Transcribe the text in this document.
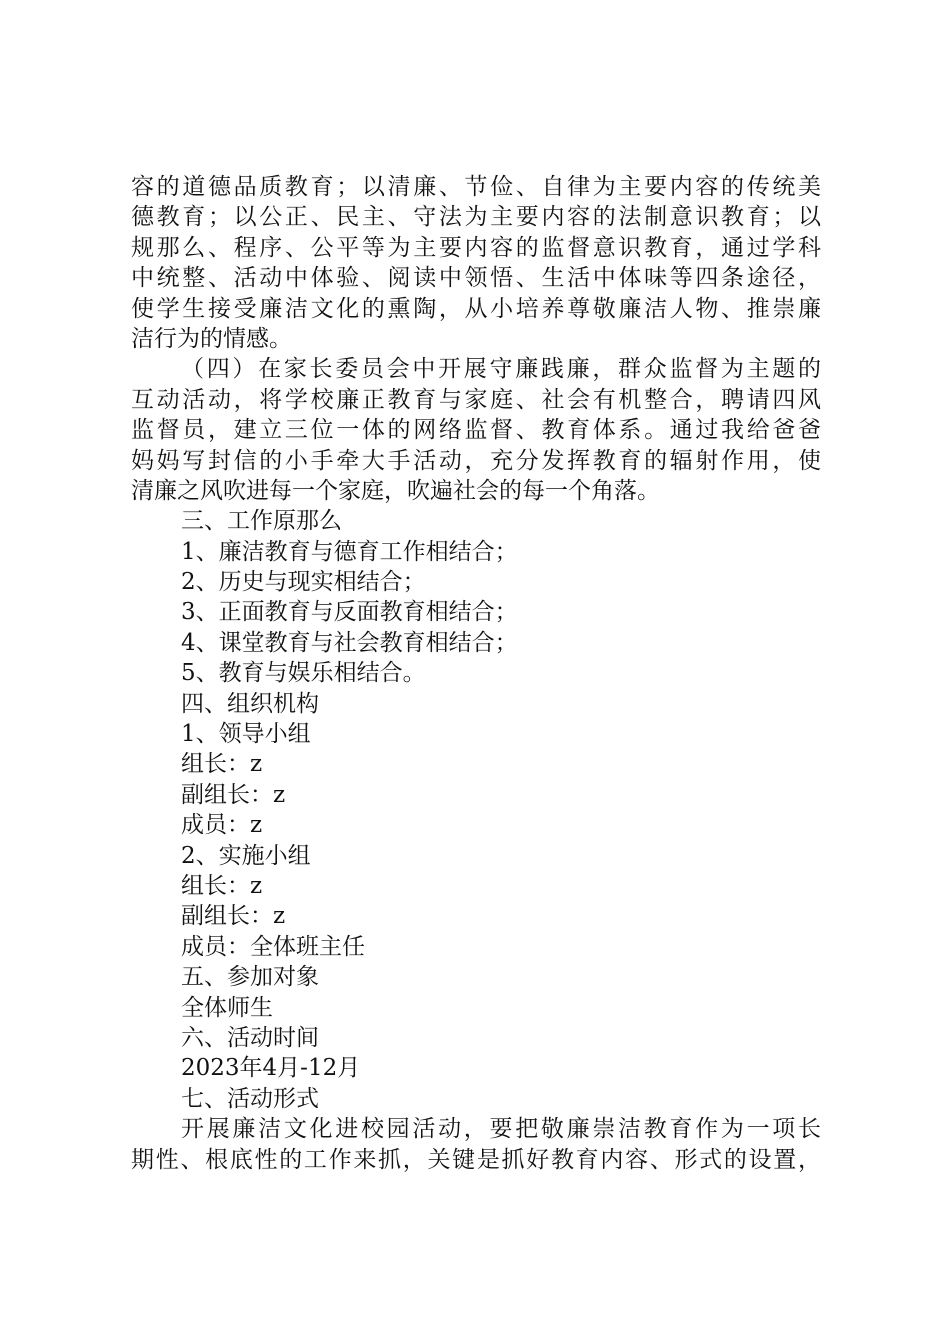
容的道德品质教育；以清廉、节俭、自律为主要内容的传统美
德教育；以公正、民主、守法为主要内容的法制意识教育；以
规那么、程序、公平等为主要内容的监督意识教育，通过学科
中统整、活动中体验、阅读中领悟、生活中体味等四条途径，
使学生接受廉洁文化的熏陶，从小培养尊敬廉洁人物、推崇廉
洁行为的情感。
（四）在家长委员会中开展守廉践廉，群众监督为主题的
互动活动，将学校廉正教育与家庭、社会有机整合，聘请四风
监督员，建立三位一体的网络监督、教育体系。通过我给爸爸
妈妈写封信的小手牵大手活动，充分发挥教育的辐射作用，使
清廉之风吹进每一个家庭，吹遍社会的每一个角落。
三、工作原那么
1、廉洁教育与德育工作相结合；
2、历史与现实相结合；
3、正面教育与反面教育相结合；
4、课堂教育与社会教育相结合；
5、教育与娱乐相结合。
四、组织机构
1、领导小组
组长：z
副组长：z
成员：z
2、实施小组
组长：z
副组长：z
成员：全体班主任
五、参加对象
全体师生
六、活动时间
2023年4月-12月
七、活动形式
开展廉洁文化进校园活动，要把敬廉崇洁教育作为一项长
期性、根底性的工作来抓，关键是抓好教育内容、形式的设置，
